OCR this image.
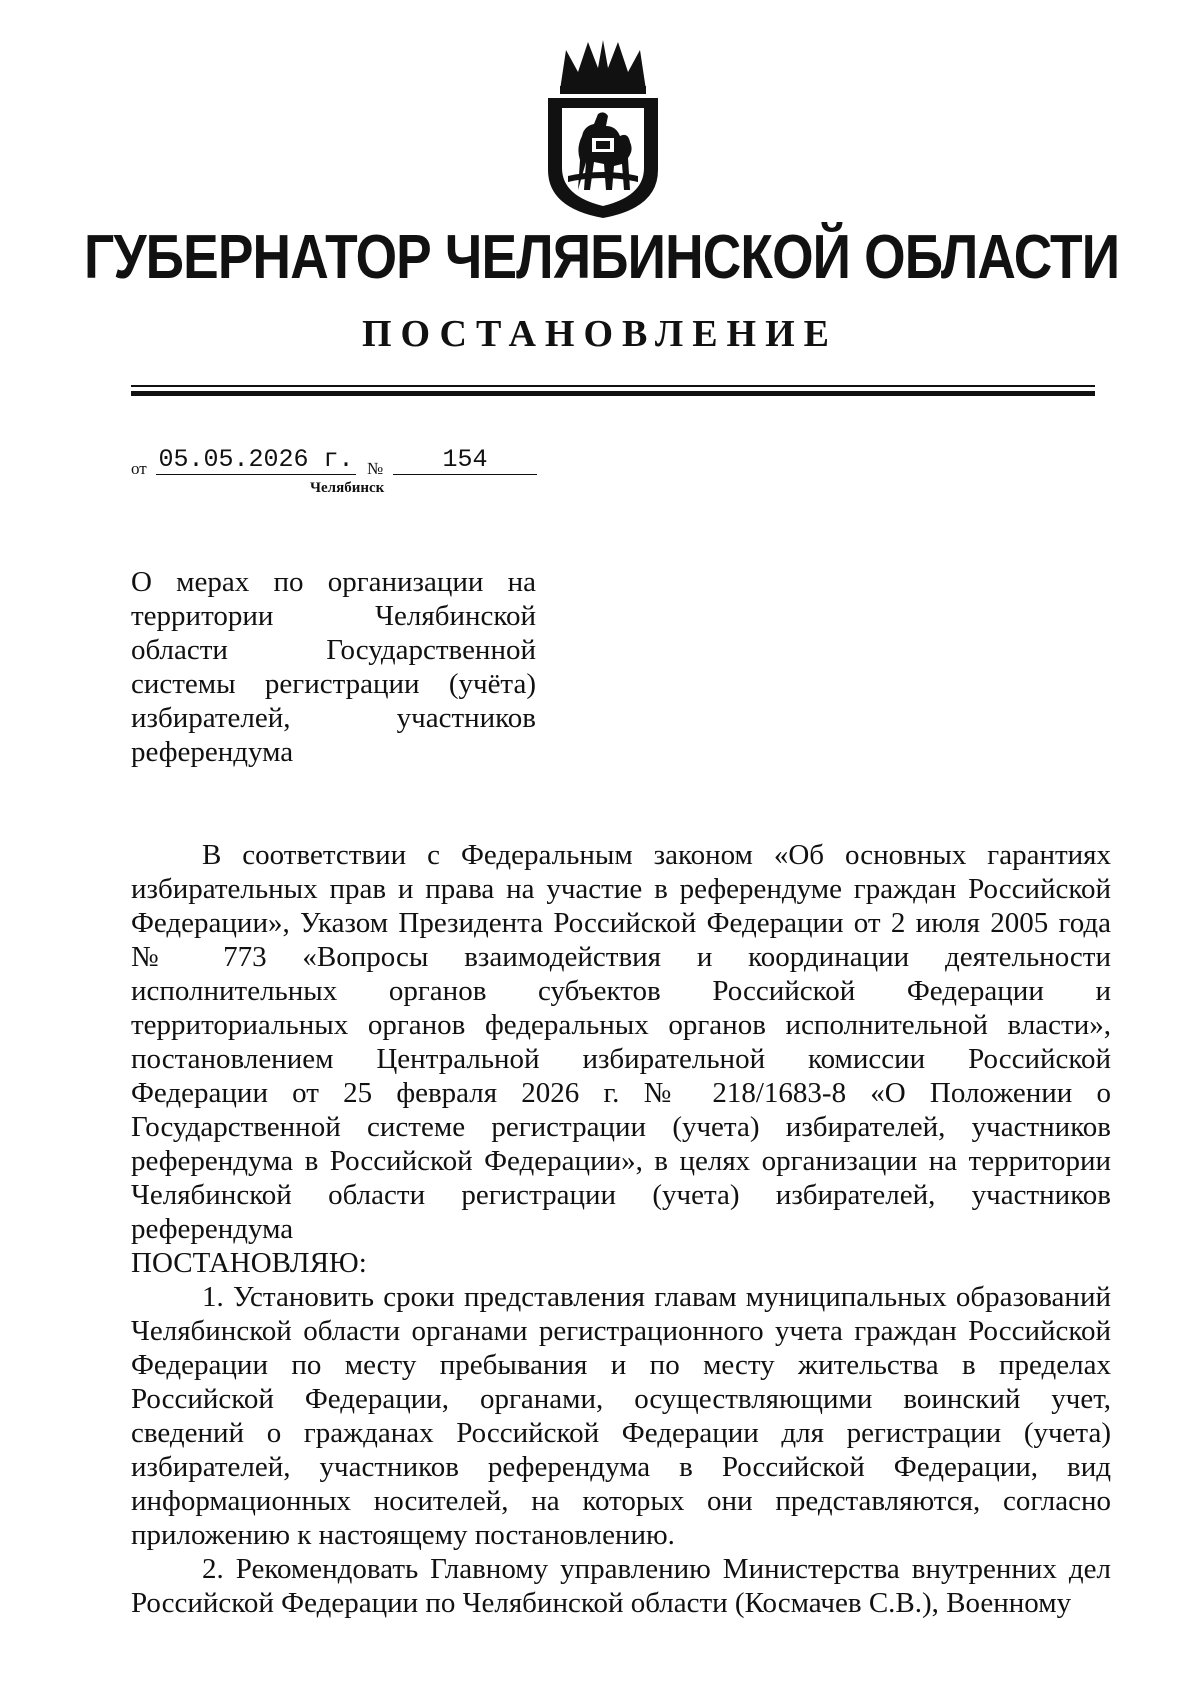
ГУБЕРНАТОР ЧЕЛЯБИНСКОЙ ОБЛАСТИ
ПОСТАНОВЛЕНИЕ
от 05.05.2026 г. №	154
Челябинск
О мерах по организации на территории Челябинской области Государственной системы регистрации (учёта) избирателей, участников
референдума

В соответствии с Федеральным законом «Об основных гарантиях избирательных прав и права на участие в референдуме граждан Российской Федерации», Указом Президента Российской Федерации от 2 июля 2005 года № 773 «Вопросы взаимодействия и координации деятельности исполнительных органов субъектов Российской Федерации и территориальных органов федеральных органов исполнительной власти», постановлением Центральной избирательной комиссии Российской Федерации от 25 февраля 2026 г. № 218/1683-8 «О Положении о Государственной системе регистрации (учета) избирателей, участников референдума в Российской Федерации», в целях организации на территории Челябинской области регистрации (учета) избирателей, участников референдума

ПОСТАНОВЛЯЮ:

1. Установить сроки представления главам муниципальных образований Челябинской области органами регистрационного учета граждан Российской Федерации по месту пребывания и по месту жительства в пределах Российской Федерации, органами, осуществляющими воинский учет, сведений о гражданах Российской Федерации для регистрации (учета) избирателей, участников референдума в Российской Федерации, вид информационных носителей, на которых они представляются, согласно приложению к настоящему постановлению.

2. Рекомендовать Главному управлению Министерства внутренних дел Российской Федерации по Челябинской области (Космачев С.В.), Военному
